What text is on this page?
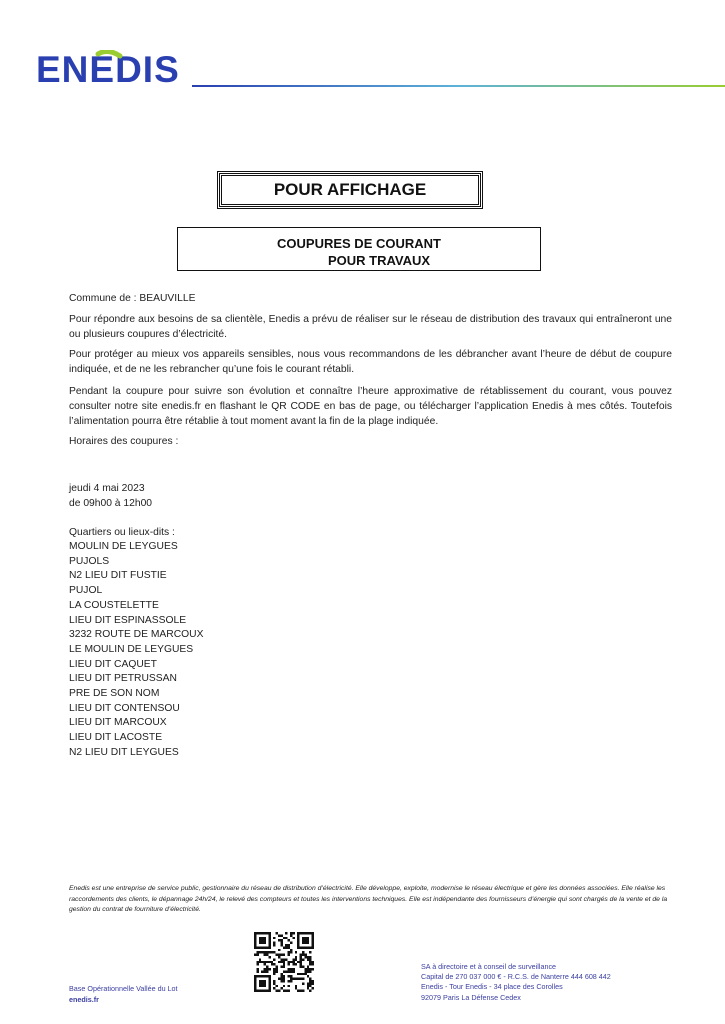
ENEDIS
POUR AFFICHAGE
COUPURES DE COURANT
POUR TRAVAUX
Commune de : BEAUVILLE
Pour répondre aux besoins de sa clientèle, Enedis a prévu de réaliser sur le réseau de distribution des travaux qui entraîneront une ou plusieurs coupures d’électricité.
Pour protéger au mieux vos appareils sensibles, nous vous recommandons de les débrancher avant l’heure de début de coupure indiquée, et de ne les rebrancher qu’une fois le courant rétabli.
Pendant la coupure pour suivre son évolution et connaître l’heure approximative de rétablissement du courant, vous pouvez consulter notre site enedis.fr en flashant le QR CODE en bas de page, ou télécharger l’application Enedis à mes côtés. Toutefois l’alimentation pourra être rétablie à tout moment avant la fin de la plage indiquée.
Horaires des coupures :
jeudi 4 mai 2023
de 09h00 à 12h00
Quartiers ou lieux-dits :
MOULIN DE LEYGUES
PUJOLS
N2 LIEU DIT FUSTIE
PUJOL
LA COUSTELETTE
LIEU DIT ESPINASSOLE
3232 ROUTE DE MARCOUX
LE MOULIN DE LEYGUES
LIEU DIT CAQUET
LIEU DIT PETRUSSAN
PRE DE SON NOM
LIEU DIT CONTENSOU
LIEU DIT MARCOUX
LIEU DIT LACOSTE
N2 LIEU DIT LEYGUES
Enedis est une entreprise de service public, gestionnaire du réseau de distribution d’électricité. Elle développe, exploite, modernise le réseau électrique et gère les données associées. Elle réalise les raccordements des clients, le dépannage 24h/24, le relevé des compteurs et toutes les interventions techniques. Elle est indépendante des fournisseurs d’énergie qui sont chargés de la vente et de la gestion du contrat de fourniture d’électricité.
Base Opérationnelle Vallée du Lot
enedis.fr
SA à directoire et à conseil de surveillance
Capital de 270 037 000 € - R.C.S. de Nanterre 444 608 442
Enedis - Tour Enedis - 34 place des Corolles
92079 Paris La Défense Cedex
